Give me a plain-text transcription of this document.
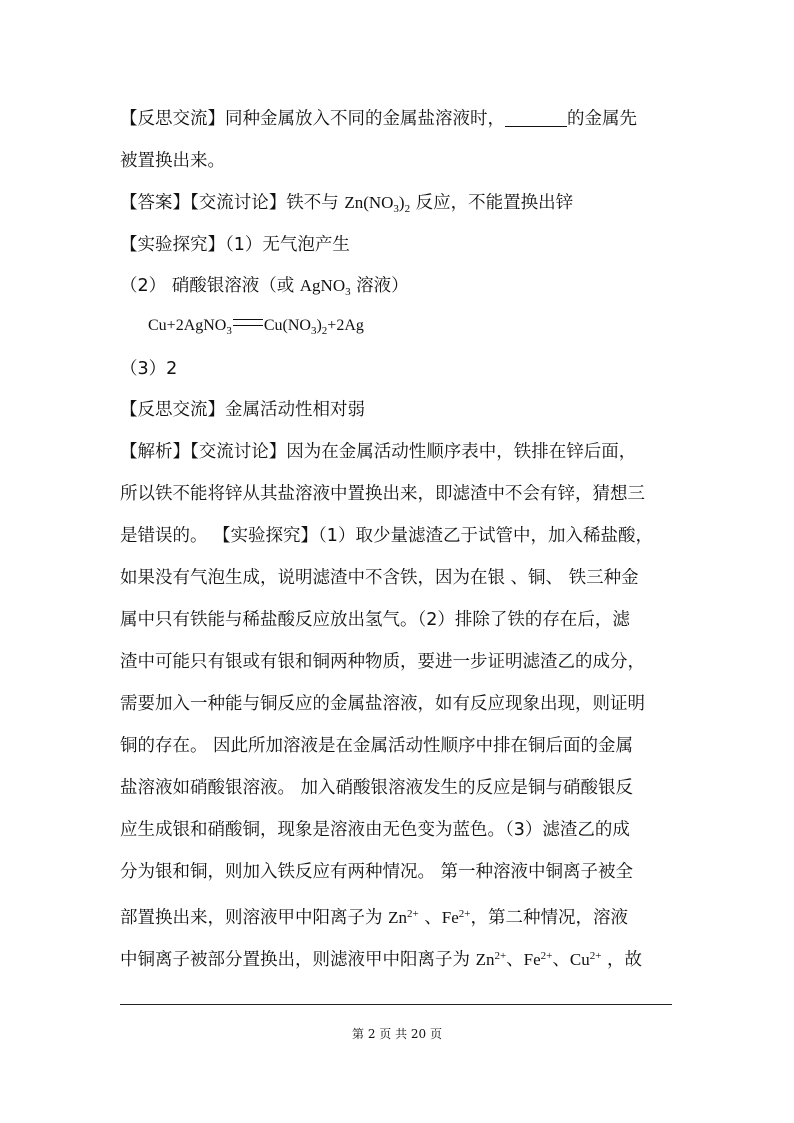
【反思交流】同种金属放入不同的金属盐溶液时，	的金属先
被置换出来。
【答案】【交流讨论】铁不与 $Zn(NO_3)_2$ 反应，不能置换出锌
【实验探究】（1）无气泡产生
（2） 硝酸银溶液（或 AgNO$_3$ 溶液）
Cu+2AgNO$_3$ $Cu(NO_3)_2+2Ag$
（3）2
【反思交流】金属活动性相对弱
【解析】【交流讨论】因为在金属活动性顺序表中，铁排在锌后面，
所以铁不能将锌从其盐溶液中置换出来，即滤渣中不会有锌，猜想三
是错误的。 【实验探究】（1）取少量滤渣乙于试管中，加入稀盐酸，
如果没有气泡生成，说明滤渣中不含铁，因为在银 、铜、 铁三种金
属中只有铁能与稀盐酸反应放出氢气。（2）排除了铁的存在后，滤
渣中可能只有银或有银和铜两种物质，要进一步证明滤渣乙的成分，
需要加入一种能与铜反应的金属盐溶液，如有反应现象出现，则证明
铜的存在。 因此所加溶液是在金属活动性顺序中排在铜后面的金属
盐溶液如硝酸银溶液。 加入硝酸银溶液发生的反应是铜与硝酸银反
应生成银和硝酸铜，现象是溶液由无色变为蓝色。（3）滤渣乙的成
分为银和铜，则加入铁反应有两种情况。 第一种溶液中铜离子被全
部置换出来，则溶液甲中阳离子为 $Zn^{2+}$ 、$Fe^{2+}$，第二种情况，溶液
中铜离子被部分置换出，则滤液甲中阳离子为 $Zn^{2+}$、$Fe^{2+}$、$Cu^{2+}$ ，故
第 2 页 共 20 页
